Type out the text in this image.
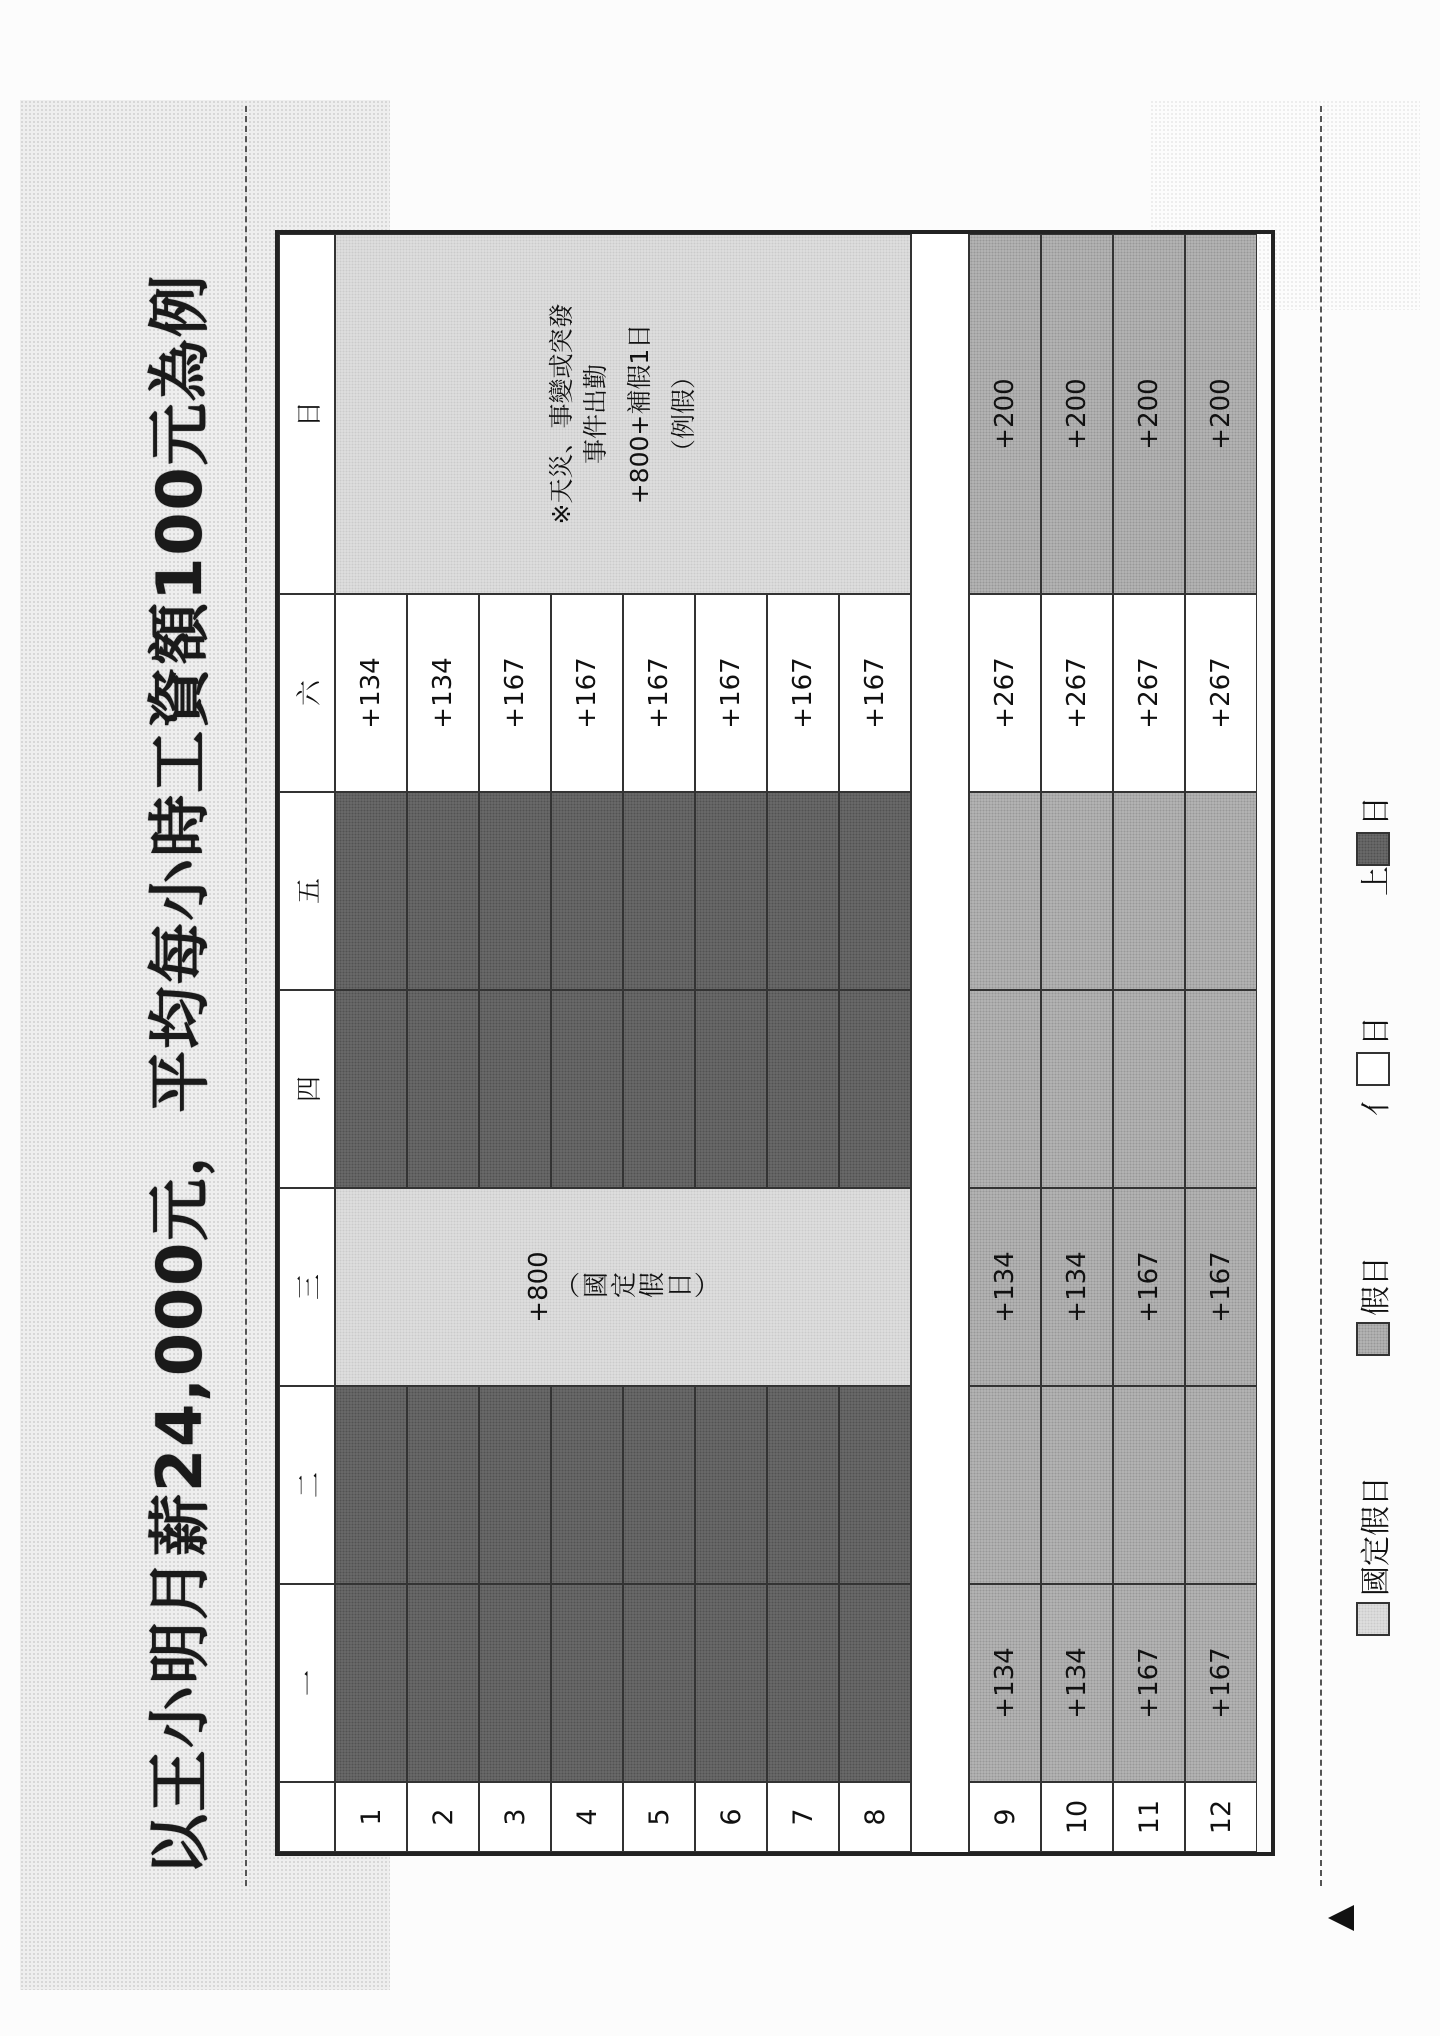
以王小明月薪24,000元，平均每小時工資額100元為例	一
二
三
四
五
六
日
1
+134
2
+134
3
+167
4
+167
5
+167
6
+167
7
+167
8
+167
9
+134
+134
+267
+200
10
+134
+134
+267
+200
11
+167
+167
+267
+200
12
+167
+167
+267
+200
+800 （國定假日）
※天災、事變或突發 事件出勤 +800+補假1日 （例假）
國定假日
假日
亻
日
上
日
